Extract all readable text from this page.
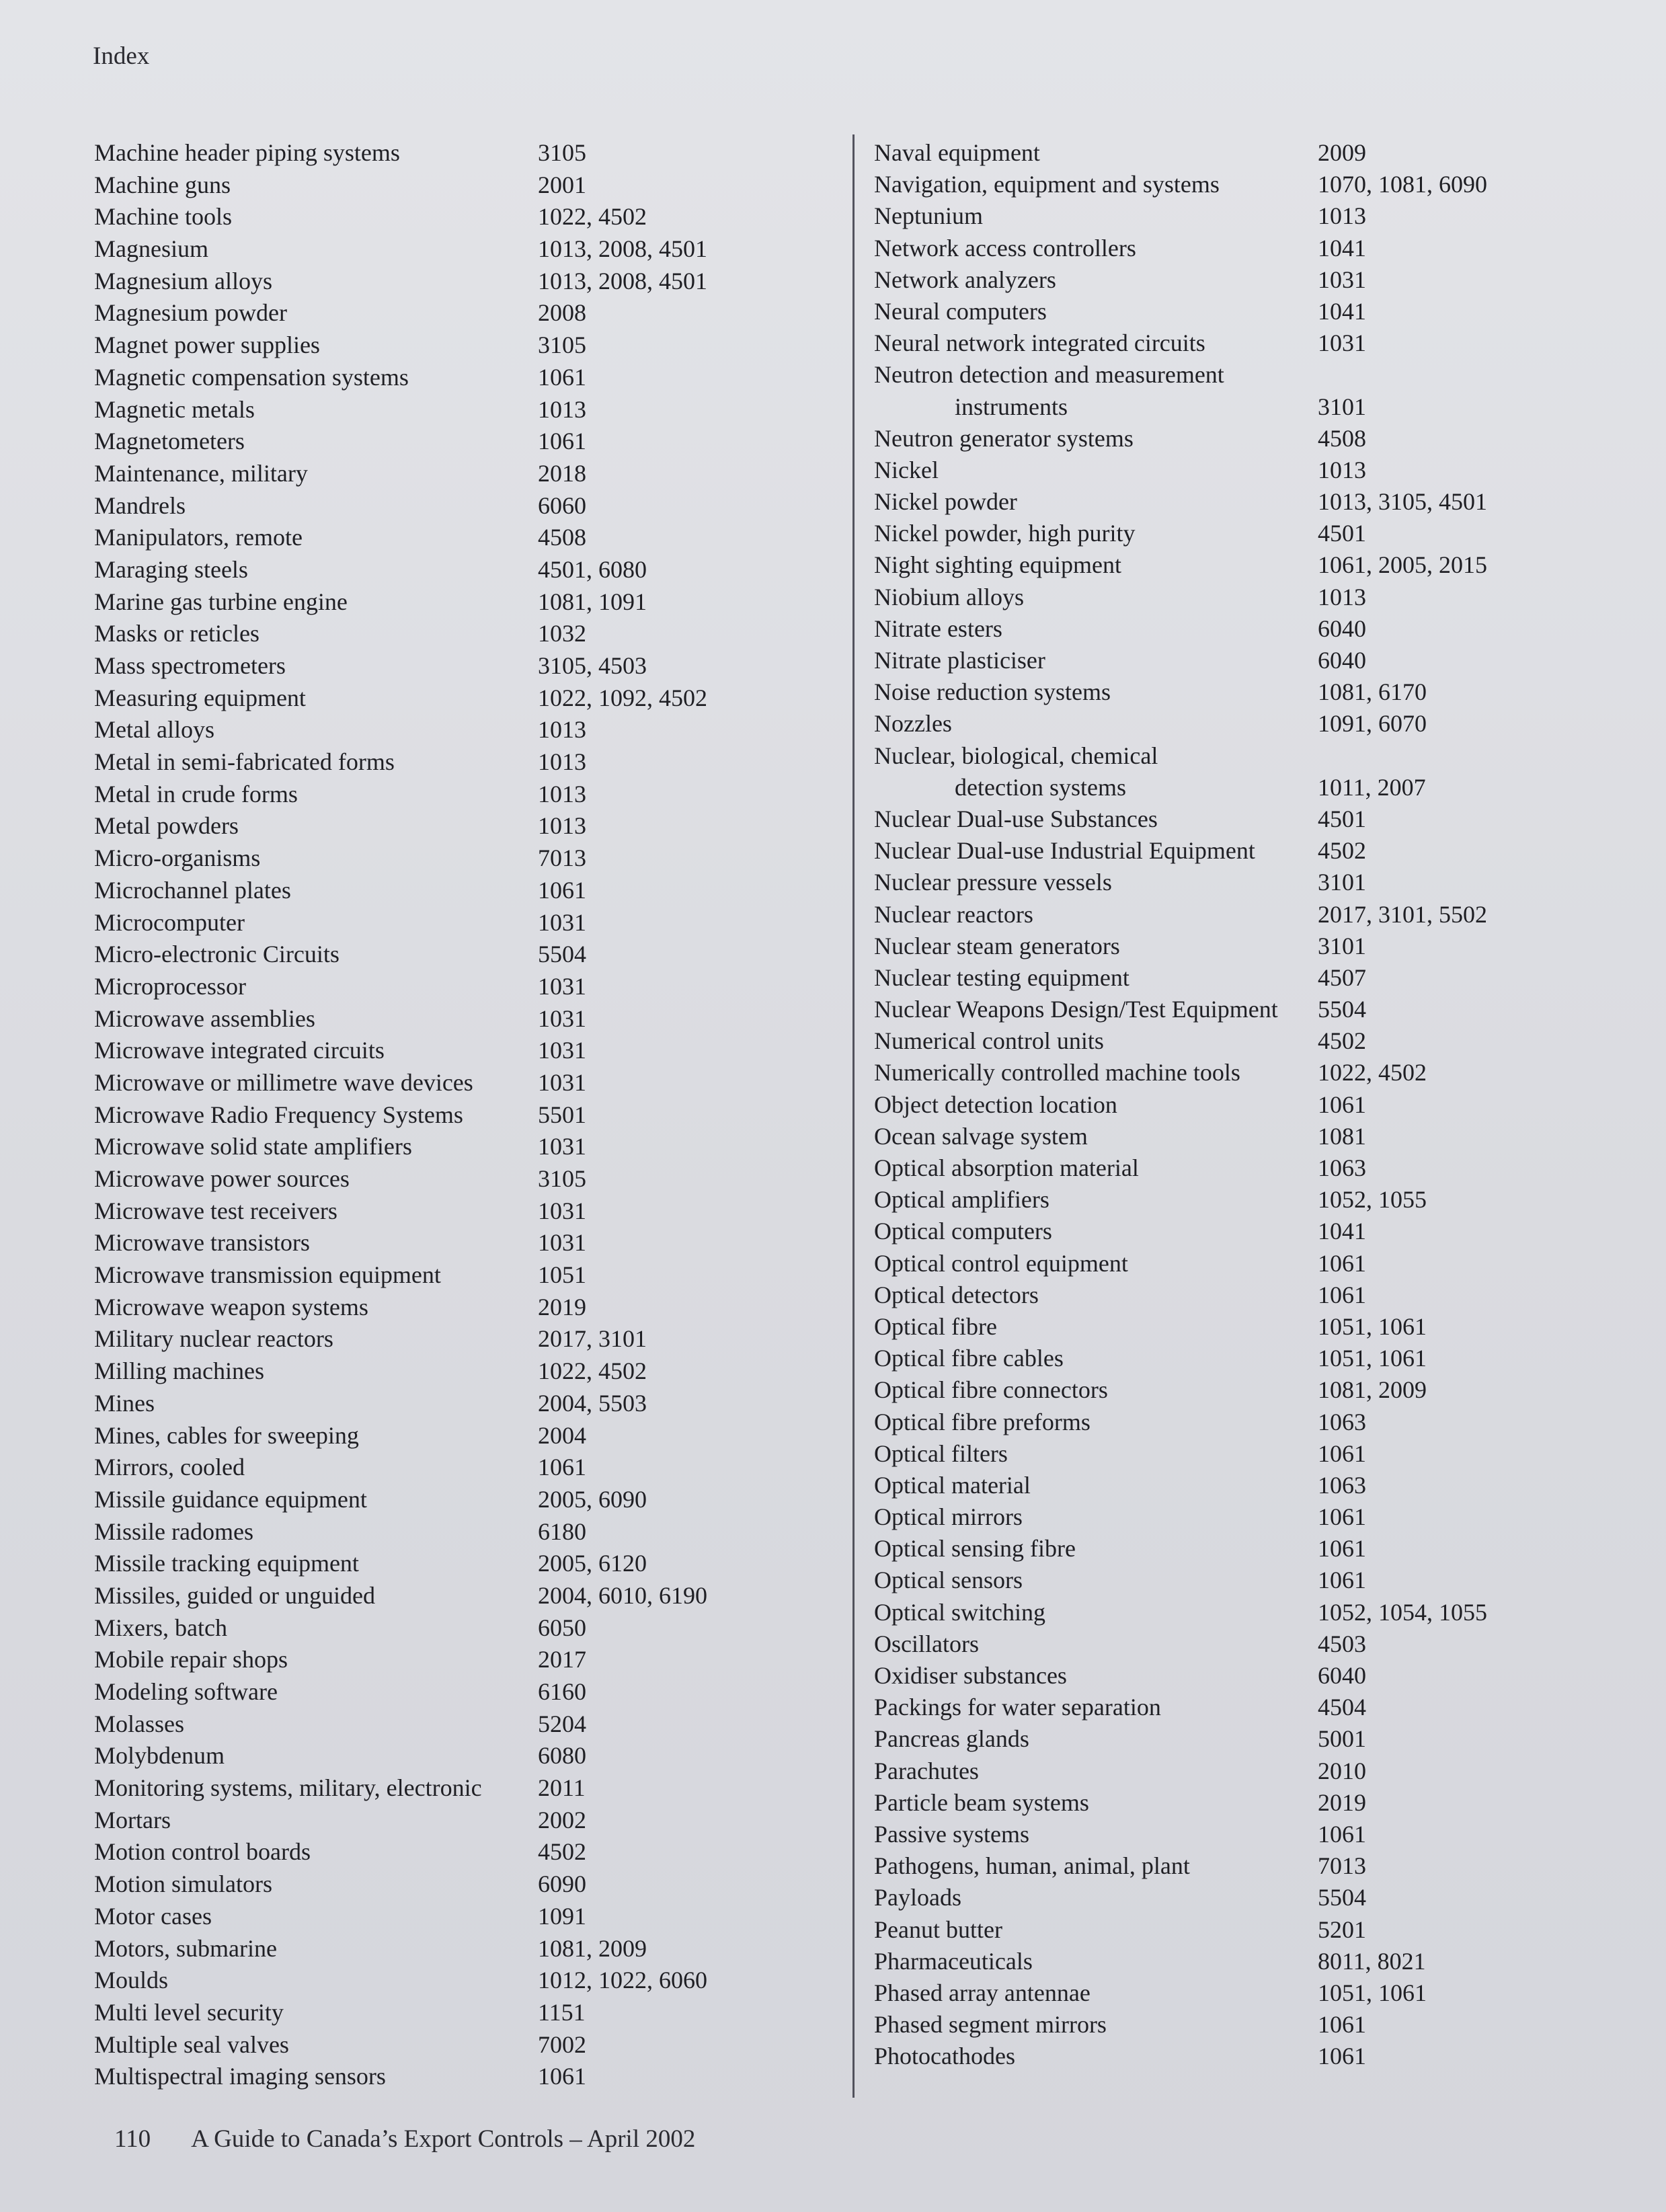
Index
Machine header piping systems	3105
Machine guns	2001
Machine tools	1022, 4502
Magnesium	1013, 2008, 4501
Magnesium alloys	1013, 2008, 4501
Magnesium powder	2008
Magnet power supplies	3105
Magnetic compensation systems	1061
Magnetic metals	1013
Magnetometers	1061
Maintenance, military	2018
Mandrels	6060
Manipulators, remote	4508
Maraging steels	4501, 6080
Marine gas turbine engine	1081, 1091
Masks or reticles	1032
Mass spectrometers	3105, 4503
Measuring equipment	1022, 1092, 4502
Metal alloys	1013
Metal in semi-fabricated forms	1013
Metal in crude forms	1013
Metal powders	1013
Micro-organisms	7013
Microchannel plates	1061
Microcomputer	1031
Micro-electronic Circuits	5504
Microprocessor	1031
Microwave assemblies	1031
Microwave integrated circuits	1031
Microwave or millimetre wave devices	1031
Microwave Radio Frequency Systems	5501
Microwave solid state amplifiers	1031
Microwave power sources	3105
Microwave test receivers	1031
Microwave transistors	1031
Microwave transmission equipment	1051
Microwave weapon systems	2019
Military nuclear reactors	2017, 3101
Milling machines	1022, 4502
Mines	2004, 5503
Mines, cables for sweeping	2004
Mirrors, cooled	1061
Missile guidance equipment	2005, 6090
Missile radomes	6180
Missile tracking equipment	2005, 6120
Missiles, guided or unguided	2004, 6010, 6190
Mixers, batch	6050
Mobile repair shops	2017
Modeling software	6160
Molasses	5204
Molybdenum	6080
Monitoring systems, military, electronic	2011
Mortars	2002
Motion control boards	4502
Motion simulators	6090
Motor cases	1091
Motors, submarine	1081, 2009
Moulds	1012, 1022, 6060
Multi level security	1151
Multiple seal valves	7002
Multispectral imaging sensors	1061
Naval equipment	2009
Navigation, equipment and systems	1070, 1081, 6090
Neptunium	1013
Network access controllers	1041
Network analyzers	1031
Neural computers	1041
Neural network integrated circuits	1031
Neutron detection and measurement
instruments	3101
Neutron generator systems	4508
Nickel	1013
Nickel powder	1013, 3105, 4501
Nickel powder, high purity	4501
Night sighting equipment	1061, 2005, 2015
Niobium alloys	1013
Nitrate esters	6040
Nitrate plasticiser	6040
Noise reduction systems	1081, 6170
Nozzles	1091, 6070
Nuclear, biological, chemical
detection systems	1011, 2007
Nuclear Dual-use Substances	4501
Nuclear Dual-use Industrial Equipment	4502
Nuclear pressure vessels	3101
Nuclear reactors	2017, 3101, 5502
Nuclear steam generators	3101
Nuclear testing equipment	4507
Nuclear Weapons Design/Test Equipment	5504
Numerical control units	4502
Numerically controlled machine tools	1022, 4502
Object detection location	1061
Ocean salvage system	1081
Optical absorption material	1063
Optical amplifiers	1052, 1055
Optical computers	1041
Optical control equipment	1061
Optical detectors	1061
Optical fibre	1051, 1061
Optical fibre cables	1051, 1061
Optical fibre connectors	1081, 2009
Optical fibre preforms	1063
Optical filters	1061
Optical material	1063
Optical mirrors	1061
Optical sensing fibre	1061
Optical sensors	1061
Optical switching	1052, 1054, 1055
Oscillators	4503
Oxidiser substances	6040
Packings for water separation	4504
Pancreas glands	5001
Parachutes	2010
Particle beam systems	2019
Passive systems	1061
Pathogens, human, animal, plant	7013
Payloads	5504
Peanut butter	5201
Pharmaceuticals	8011, 8021
Phased array antennae	1051, 1061
Phased segment mirrors	1061
Photocathodes	1061
110 A Guide to Canada’s Export Controls – April 2002
